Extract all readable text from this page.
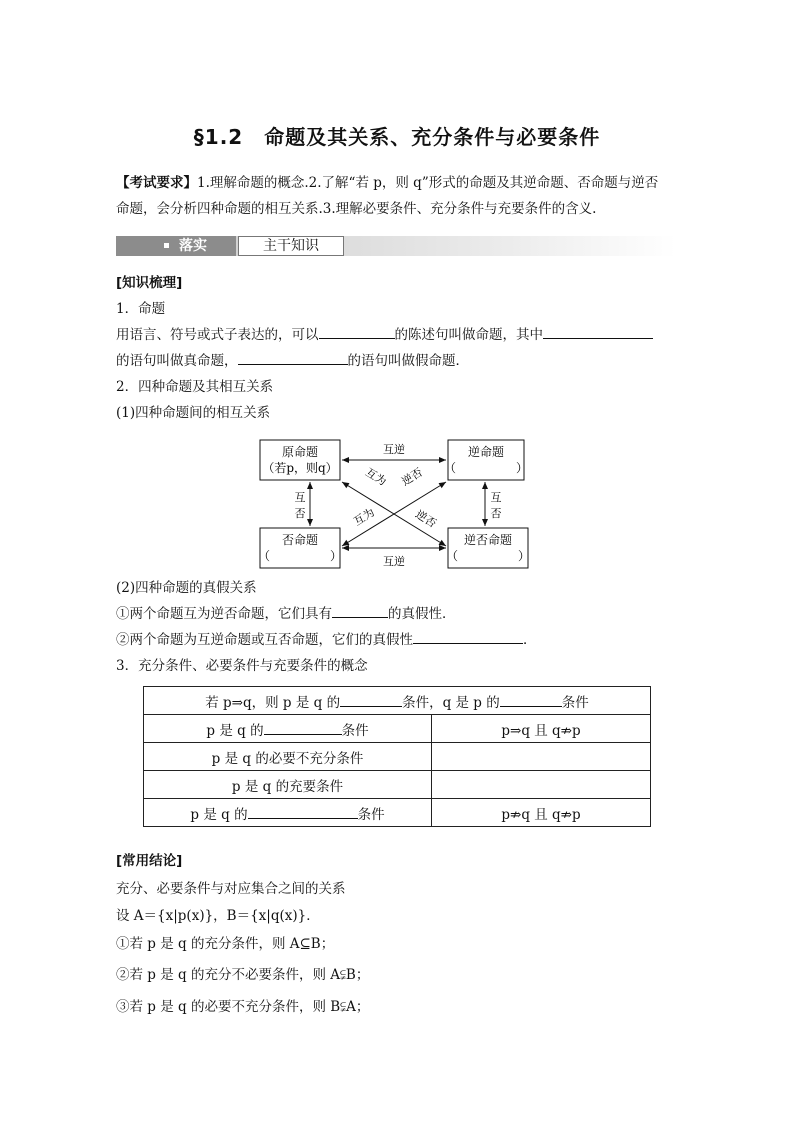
§1.2　命题及其关系、充分条件与必要条件
【考试要求】1.理解命题的概念.2.了解“若 p，则 q”形式的命题及其逆命题、否命题与逆否
命题，会分析四种命题的相互关系.3.理解必要条件、充分条件与充要条件的含义.
落实	主干知识
[知识梳理]
1．命题
用语言、符号或式子表达的，可以	的陈述句叫做命题，其中
的语句叫做真命题，	的语句叫做假命题．
2．四种命题及其相互关系
(1)四种命题间的相互关系
原命题
（若p，则q）
逆命题
（　　　　　）
否命题
（　　　　　）
逆否命题
（　　　　　）
互逆
互逆
互
否
互
否
互为 逆否
互为	逆否
(2)四种命题的真假关系
①两个命题互为逆否命题，它们具有	的真假性．
②两个命题为互逆命题或互否命题，它们的真假性	．
3．充分条件、必要条件与充要条件的概念
若 p⇒q，则 p 是 q 的 条件，q 是 p 的 条件	
p 是 q 的 条件	p⇒q 且 q⇏p
p 是 q 的必要不充分条件	
p 是 q 的充要条件	
p 是 q 的 条件	p⇏q 且 q⇏p
[常用结论]
充分、必要条件与对应集合之间的关系
设 A＝{x|p(x)}，B＝{x|q(x)}．
①若 p 是 q 的充分条件，则 A⊆B；
②若 p 是 q 的充分不必要条件，则 A⫋B；
③若 p 是 q 的必要不充分条件，则 B⫋A；
